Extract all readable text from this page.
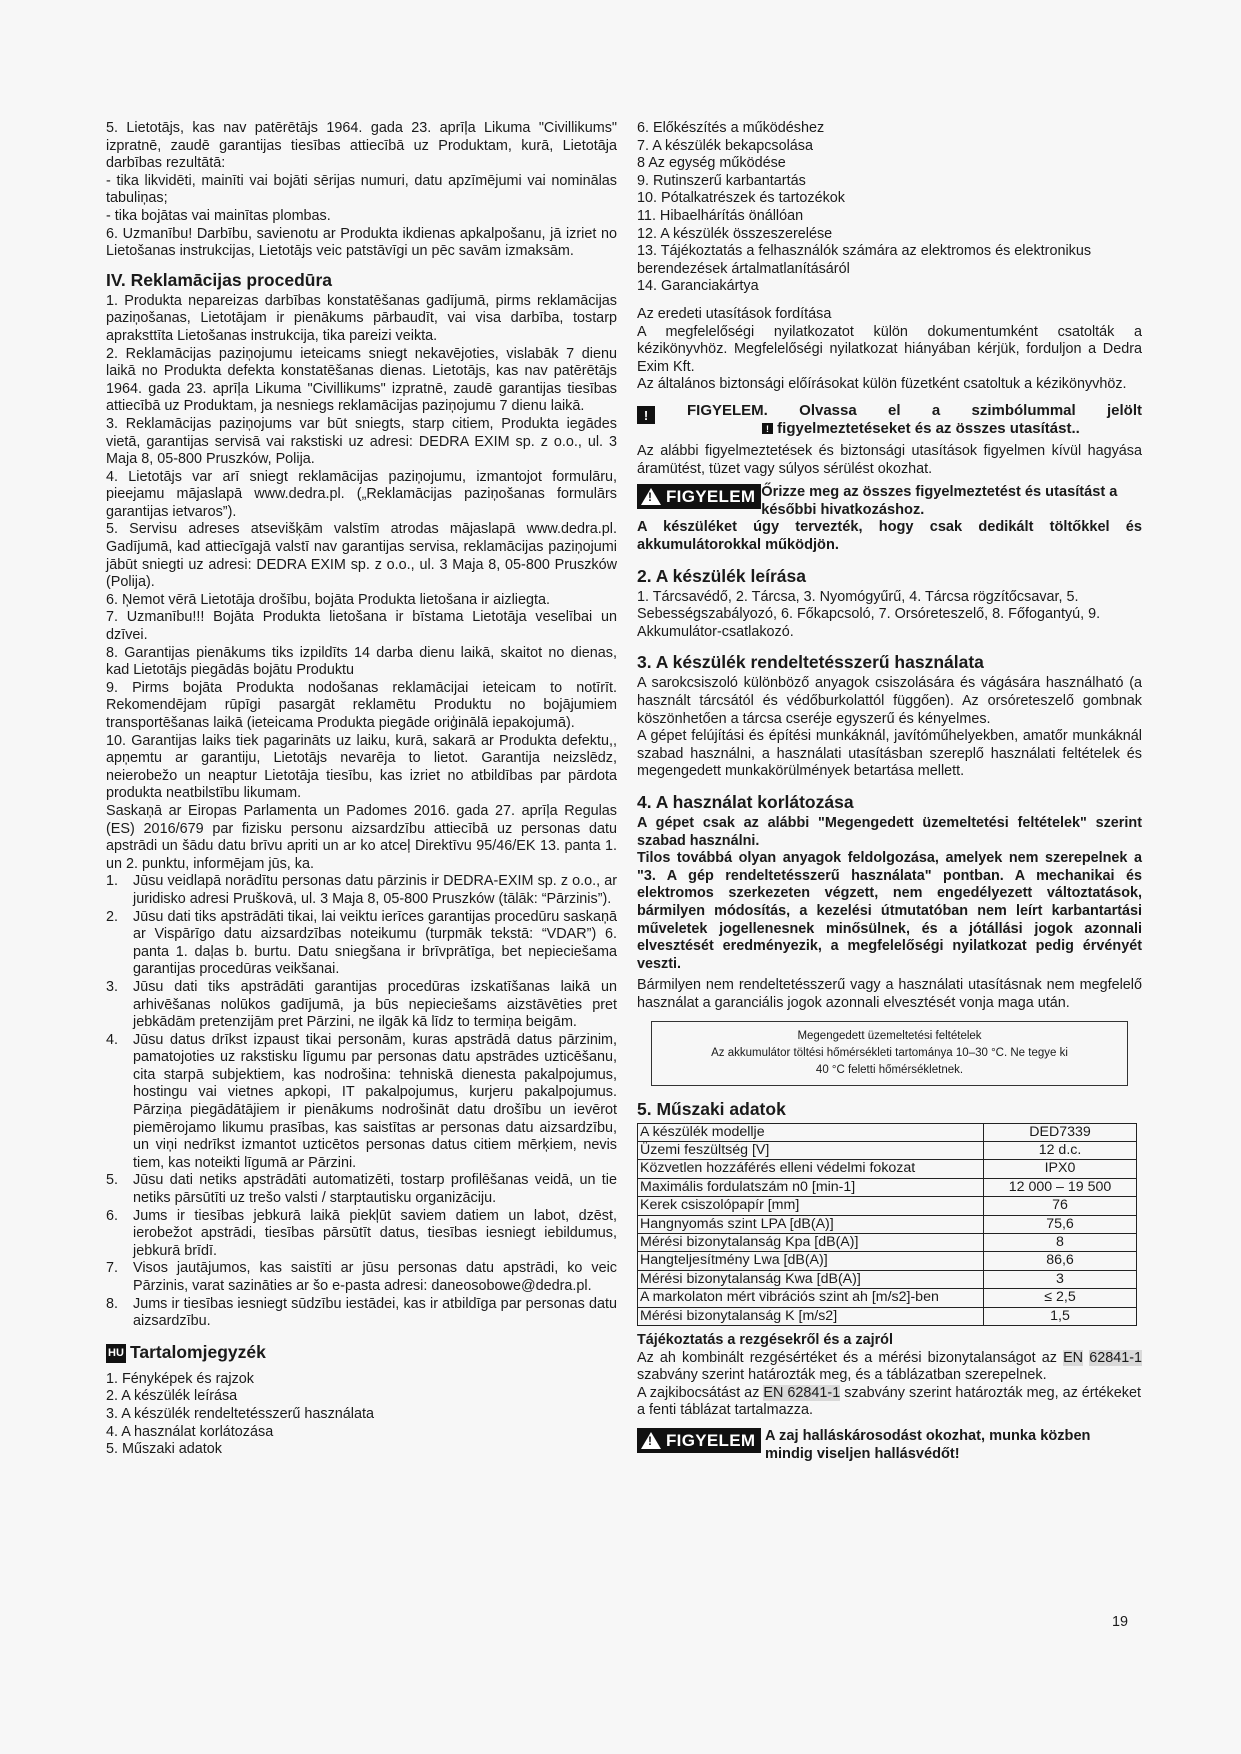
5. Lietotājs, kas nav patērētājs 1964. gada 23. aprīļa Likuma "Civillikums" izpratnē, zaudē garantijas tiesības attiecībā uz Produktam, kurā, Lietotāja darbības rezultātā:

- tika likvidēti, mainīti vai bojāti sērijas numuri, datu apzīmējumi vai nominālas tabuliņas;

- tika bojātas vai mainītas plombas.

6. Uzmanību! Darbību, savienotu ar Produkta ikdienas apkalpošanu, jā izriet no Lietošanas instrukcijas, Lietotājs veic patstāvīgi un pēc savām izmaksām.

IV. Reklamācijas procedūra

1. Produkta nepareizas darbības konstatēšanas gadījumā, pirms reklamācijas paziņošanas, Lietotājam ir pienākums pārbaudīt, vai visa darbība, tostarp apraksttīta Lietošanas instrukcija, tika pareizi veikta.

2. Reklamācijas paziņojumu ieteicams sniegt nekavējoties, vislabāk 7 dienu laikā no Produkta defekta konstatēšanas dienas. Lietotājs, kas nav patērētājs 1964. gada 23. aprīļa Likuma "Civillikums" izpratnē, zaudē garantijas tiesības attiecībā uz Produktam, ja nesniegs reklamācijas paziņojumu 7 dienu laikā.

3. Reklamācijas paziņojums var būt sniegts, starp citiem, Produkta iegādes vietā, garantijas servisā vai rakstiski uz adresi: DEDRA EXIM sp. z o.o., ul. 3 Maja 8, 05-800 Pruszków, Polija.

4. Lietotājs var arī sniegt reklamācijas paziņojumu, izmantojot formulāru, pieejamu mājaslapā www.dedra.pl. („Reklamācijas paziņošanas formulārs garantijas ietvaros”).

5. Servisu adreses atsevišķām valstīm atrodas mājaslapā www.dedra.pl. Gadījumā, kad attiecīgajā valstī nav garantijas servisa, reklamācijas paziņojumi jābūt sniegti uz adresi: DEDRA EXIM sp. z o.o., ul. 3 Maja 8, 05-800 Pruszków (Polija).

6. Ņemot vērā Lietotāja drošību, bojāta Produkta lietošana ir aizliegta.

7. Uzmanību!!! Bojāta Produkta lietošana ir bīstama Lietotāja veselībai un dzīvei.

8. Garantijas pienākums tiks izpildīts 14 darba dienu laikā, skaitot no dienas, kad Lietotājs piegādās bojātu Produktu

9. Pirms bojāta Produkta nodošanas reklamācijai ieteicam to notīrīt. Rekomendējam rūpīgi pasargāt reklamētu Produktu no bojājumiem transportēšanas laikā (ieteicama Produkta piegāde oriģinālā iepakojumā).

10. Garantijas laiks tiek pagarināts uz laiku, kurā, sakarā ar Produkta defektu,, apņemtu ar garantiju, Lietotājs nevarēja to lietot. Garantija neizslēdz, neierobežo un neaptur Lietotāja tiesību, kas izriet no atbildības par pārdota produkta neatbilstību likumam.

Saskaņā ar Eiropas Parlamenta un Padomes 2016. gada 27. aprīļa Regulas (ES) 2016/679 par fizisku personu aizsardzību attiecībā uz personas datu apstrādi un šādu datu brīvu apriti un ar ko atceļ Direktīvu 95/46/EK 13. panta 1. un 2. punktu, informējam jūs, ka.

1.	Jūsu veidlapā norādītu personas datu pārzinis ir DEDRA-EXIM sp. z o.o., ar juridisko adresi Pruškovā, ul. 3 Maja 8, 05-800 Pruszków (tālāk: “Pārzinis”).
2.	Jūsu dati tiks apstrādāti tikai, lai veiktu ierīces garantijas procedūru saskaņā ar Vispārīgo datu aizsardzības noteikumu (turpmāk tekstā: “VDAR”) 6. panta 1. daļas b. burtu. Datu sniegšana ir brīvprātīga, bet nepieciešama garantijas procedūras veikšanai.
3.	Jūsu dati tiks apstrādāti garantijas procedūras izskatīšanas laikā un arhivēšanas nolūkos gadījumā, ja būs nepieciešams aizstāvēties pret jebkādām pretenzijām pret Pārzini, ne ilgāk kā līdz to termiņa beigām.
4.	Jūsu datus drīkst izpaust tikai personām, kuras apstrādā datus pārzinim, pamatojoties uz rakstisku līgumu par personas datu apstrādes uzticēšanu, cita starpā subjektiem, kas nodrošina: tehniskā dienesta pakalpojumus, hostingu vai vietnes apkopi, IT pakalpojumus, kurjeru pakalpojumus. Pārziņa piegādātājiem ir pienākums nodrošināt datu drošību un ievērot piemērojamo likumu prasības, kas saistītas ar personas datu aizsardzību, un viņi nedrīkst izmantot uzticētos personas datus citiem mērķiem, nevis tiem, kas noteikti līgumā ar Pārzini.
5.	Jūsu dati netiks apstrādāti automatizēti, tostarp profilēšanas veidā, un tie netiks pārsūtīti uz trešo valsti / starptautisku organizāciju.
6.	Jums ir tiesības jebkurā laikā piekļūt saviem datiem un labot, dzēst, ierobežot apstrādi, tiesības pārsūtīt datus, tiesības iesniegt iebildumus, jebkurā brīdī.
7.	Visos jautājumos, kas saistīti ar jūsu personas datu apstrādi, ko veic Pārzinis, varat sazināties ar šo e-pasta adresi: daneosobowe@dedra.pl.
8.	Jums ir tiesības iesniegt sūdzību iestādei, kas ir atbildīga par personas datu aizsardzību.
HU Tartalomjegyzék
1. Fényképek és rajzok
2. A készülék leírása
3. A készülék rendeltetésszerű használata
4. A használat korlátozása
5. Műszaki adatok
6. Előkészítés a működéshez
7. A készülék bekapcsolása
8 Az egység működése
9. Rutinszerű karbantartás
10. Pótalkatrészek és tartozékok
11. Hibaelhárítás önállóan
12. A készülék összeszerelése
13. Tájékoztatás a felhasználók számára az elektromos és elektronikus berendezések ártalmatlanításáról
14. Garanciakártya

Az eredeti utasítások fordítása

A megfelelőségi nyilatkozatot külön dokumentumként csatolták a kézikönyvhöz. Megfelelőségi nyilatkozat hiányában kérjük, forduljon a Dedra Exim Kft.

Az általános biztonsági előírásokat külön füzetként csatoltuk a kézikönyvhöz.

!	FIGYELEM. Olvassa el a szimbólummal jelölt

! figyelmeztetéseket és az összes utasítást..

Az alábbi figyelmeztetések és biztonsági utasítások figyelmen kívül hagyása áramütést, tüzet vagy súlyos sérülést okozhat.

! FIGYELEM Őrizze meg az összes figyelmeztetést és utasítást a későbbi hivatkozáshoz.

A készüléket úgy tervezték, hogy csak dedikált töltőkkel és akkumulátorokkal működjön.

2. A készülék leírása

1. Tárcsavédő, 2. Tárcsa, 3. Nyomógyűrű, 4. Tárcsa rögzítőcsavar, 5. Sebességszabályozó, 6. Főkapcsoló, 7. Orsóreteszelő, 8. Főfogantyú, 9. Akkumulátor-csatlakozó.

3. A készülék rendeltetésszerű használata

A sarokcsiszoló különböző anyagok csiszolására és vágására használható (a használt tárcsától és védőburkolattól függően). Az orsóreteszelő gombnak köszönhetően a tárcsa cseréje egyszerű és kényelmes.

A gépet felújítási és építési munkáknál, javítóműhelyekben, amatőr munkáknál szabad használni, a használati utasításban szereplő használati feltételek és megengedett munkakörülmények betartása mellett.

4. A használat korlátozása

A gépet csak az alábbi "Megengedett üzemeltetési feltételek" szerint szabad használni.

Tilos továbbá olyan anyagok feldolgozása, amelyek nem szerepelnek a "3. A gép rendeltetésszerű használata" pontban. A mechanikai és elektromos szerkezeten végzett, nem engedélyezett változtatások, bármilyen módosítás, a kezelési útmutatóban nem leírt karbantartási műveletek jogellenesnek minősülnek, és a jótállási jogok azonnali elvesztését eredményezik, a megfelelőségi nyilatkozat pedig érvényét veszti.

Bármilyen nem rendeltetésszerű vagy a használati utasításnak nem megfelelő használat a garanciális jogok azonnali elvesztését vonja maga után.

Megengedett üzemeltetési feltételek
Az akkumulátor töltési hőmérsékleti tartománya 10–30 °C. Ne tegye ki
40 °C feletti hőmérsékletnek.
5. Műszaki adatok
A készülék modellje	DED7339
Üzemi feszültség [V]	12 d.c.
Közvetlen hozzáférés elleni védelmi fokozat	IPX0
Maximális fordulatszám n0 [min-1]	12 000 – 19 500
Kerek csiszolópapír [mm]	76
Hangnyomás szint LPA [dB(A)]	75,6
Mérési bizonytalanság Kpa [dB(A)]	8
Hangteljesítmény Lwa [dB(A)]	86,6
Mérési bizonytalanság Kwa [dB(A)]	3
A markolaton mért vibrációs szint ah [m/s2]-ben	≤ 2,5
Mérési bizonytalanság K [m/s2]	1,5

Tájékoztatás a rezgésekről és a zajról

Az ah kombinált rezgésértéket és a mérési bizonytalanságot az EN 62841-1 szabvány szerint határozták meg, és a táblázatban szerepelnek.

A zajkibocsátást az EN 62841-1 szabvány szerint határozták meg, az értékeket a fenti táblázat tartalmazza.

! FIGYELEM A zaj halláskárosodást okozhat, munka közben mindig viseljen hallásvédőt!
19
